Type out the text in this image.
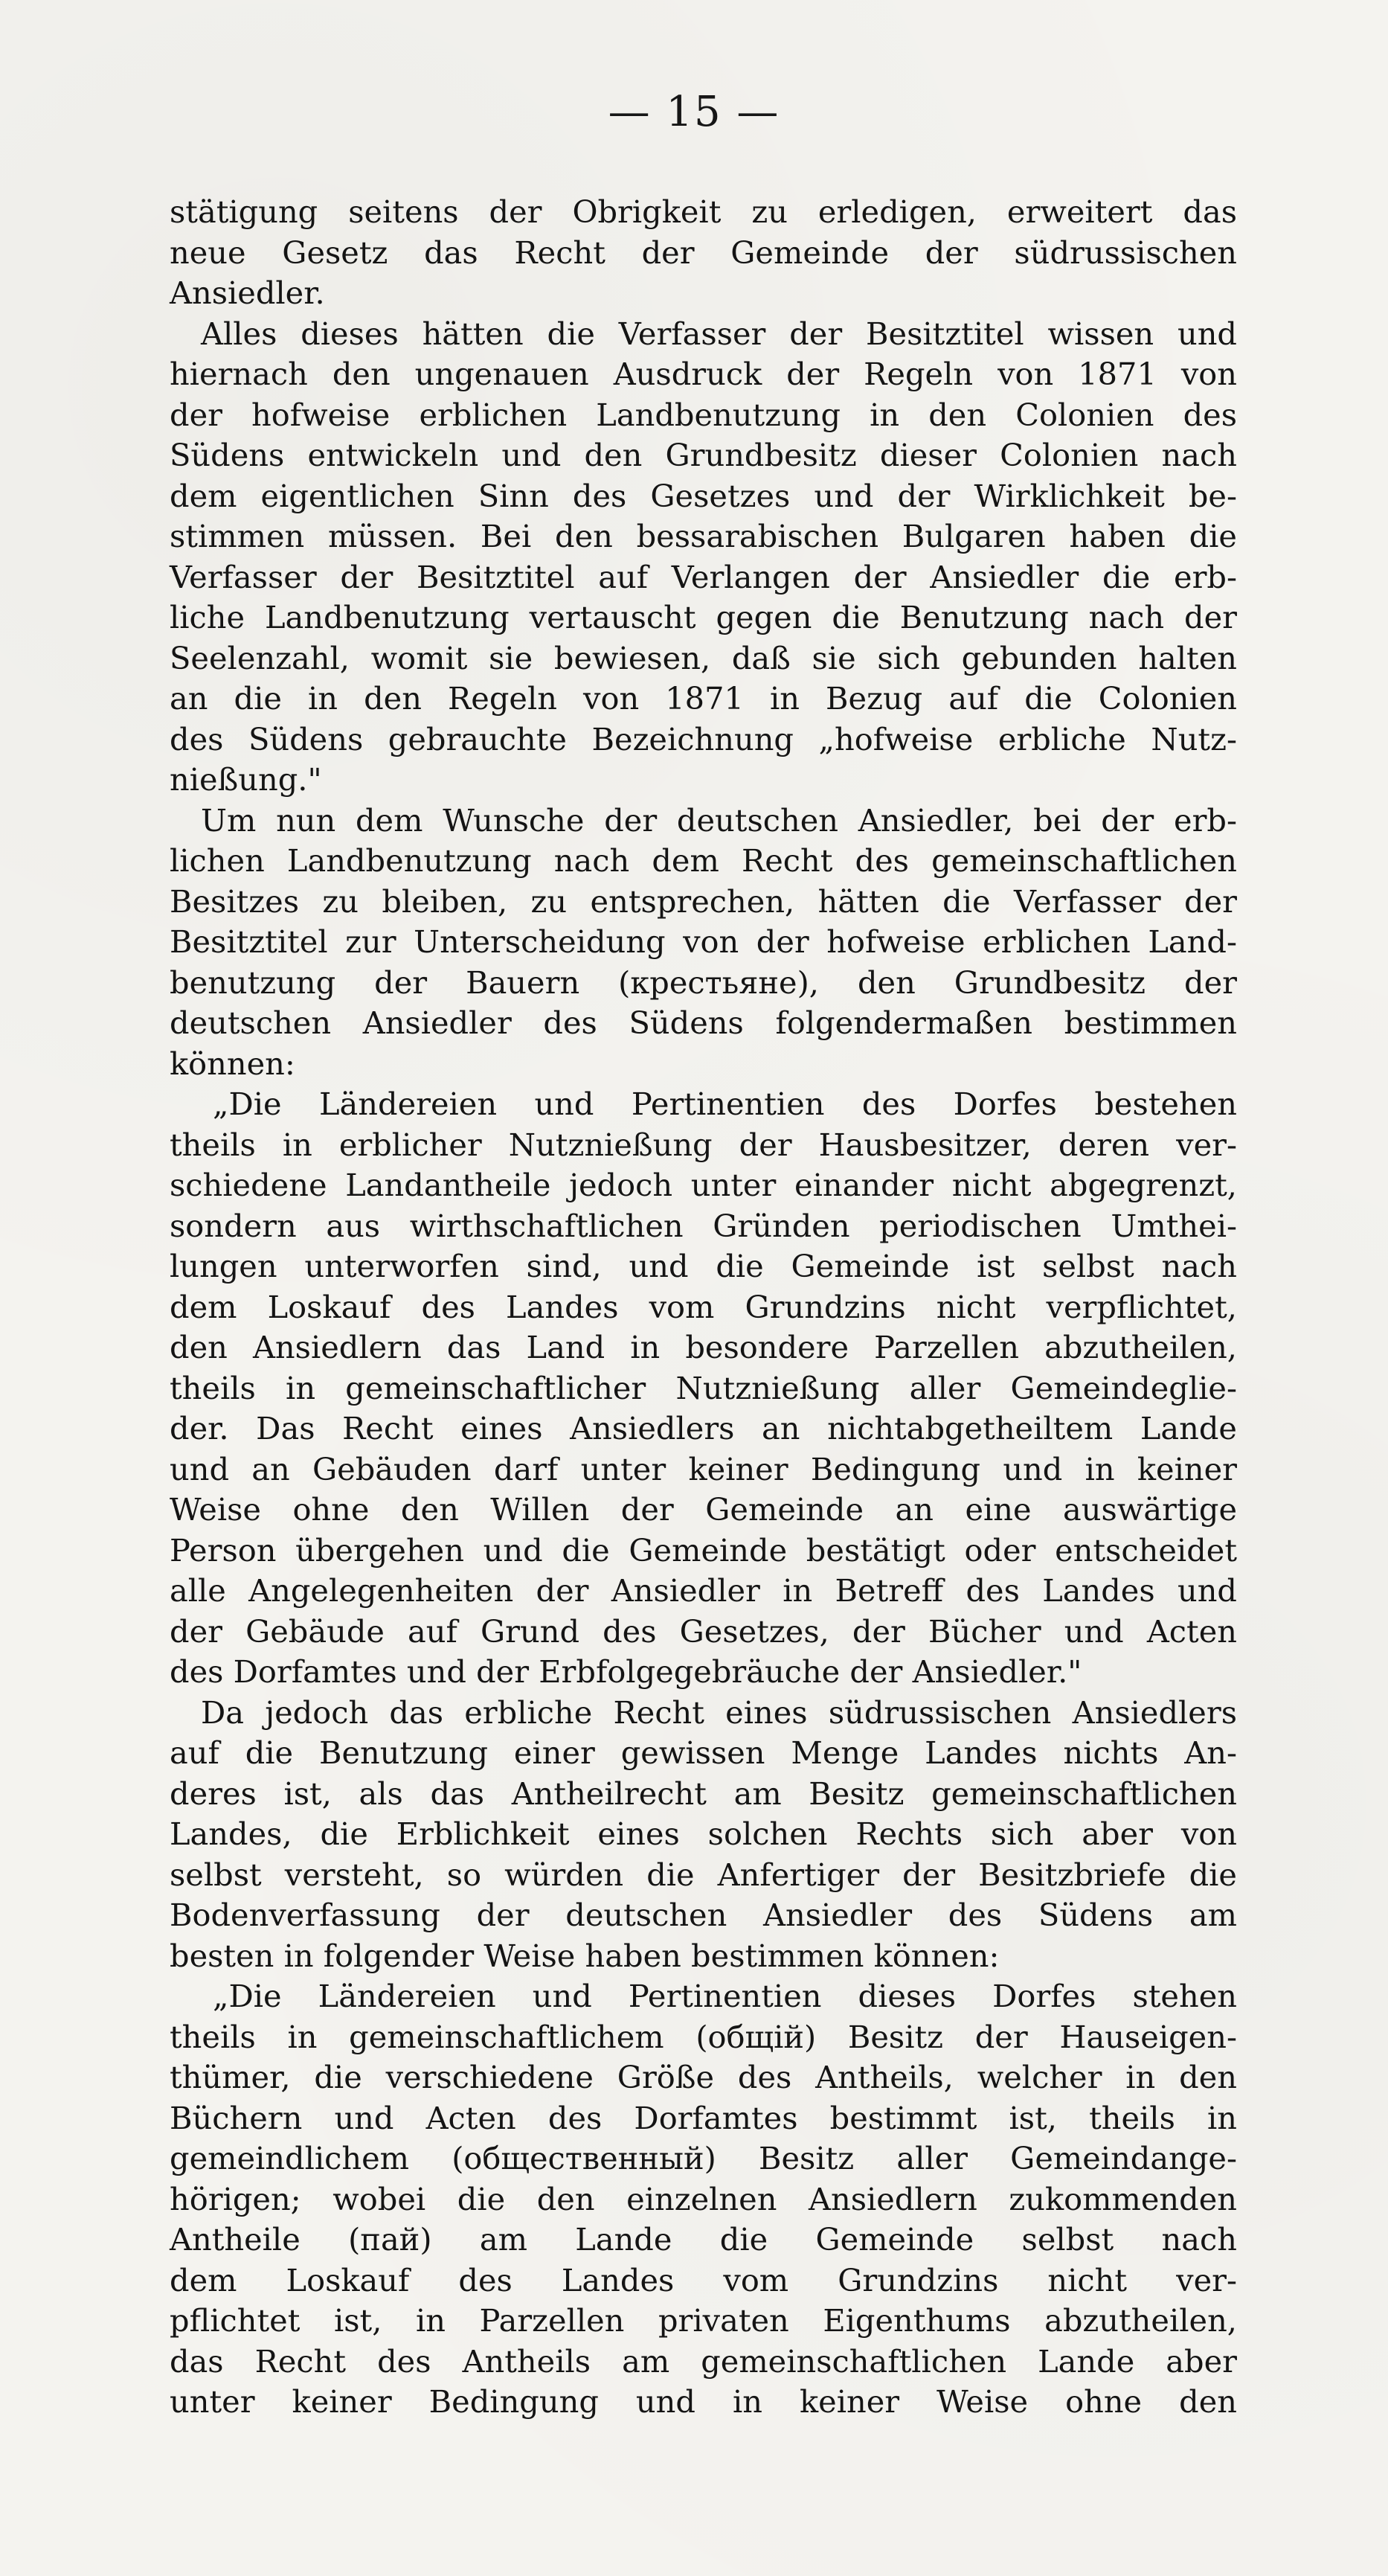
— 15 —
stätigung seitens der Obrigkeit zu erledigen, erweitert das
neue Gesetz das Recht der Gemeinde der südrussischen
Ansiedler.
Alles dieses hätten die Verfasser der Besitztitel wissen und
hiernach den ungenauen Ausdruck der Regeln von 1871 von
der hofweise erblichen Landbenutzung in den Colonien des
Südens entwickeln und den Grundbesitz dieser Colonien nach
dem eigentlichen Sinn des Gesetzes und der Wirklichkeit be-
stimmen müssen. Bei den bessarabischen Bulgaren haben die
Verfasser der Besitztitel auf Verlangen der Ansiedler die erb-
liche Landbenutzung vertauscht gegen die Benutzung nach der
Seelenzahl, womit sie bewiesen, daß sie sich gebunden halten
an die in den Regeln von 1871 in Bezug auf die Colonien
des Südens gebrauchte Bezeichnung „hofweise erbliche Nutz-
nießung."
Um nun dem Wunsche der deutschen Ansiedler, bei der erb-
lichen Landbenutzung nach dem Recht des gemeinschaftlichen
Besitzes zu bleiben, zu entsprechen, hätten die Verfasser der
Besitztitel zur Unterscheidung von der hofweise erblichen Land-
benutzung der Bauern (крестьяне), den Grundbesitz der
deutschen Ansiedler des Südens folgendermaßen bestimmen
können:
„Die Ländereien und Pertinentien des Dorfes bestehen
theils in erblicher Nutznießung der Hausbesitzer, deren ver-
schiedene Landantheile jedoch unter einander nicht abgegrenzt,
sondern aus wirthschaftlichen Gründen periodischen Umthei-
lungen unterworfen sind, und die Gemeinde ist selbst nach
dem Loskauf des Landes vom Grundzins nicht verpflichtet,
den Ansiedlern das Land in besondere Parzellen abzutheilen,
theils in gemeinschaftlicher Nutznießung aller Gemeindeglie-
der. Das Recht eines Ansiedlers an nichtabgetheiltem Lande
und an Gebäuden darf unter keiner Bedingung und in keiner
Weise ohne den Willen der Gemeinde an eine auswärtige
Person übergehen und die Gemeinde bestätigt oder entscheidet
alle Angelegenheiten der Ansiedler in Betreff des Landes und
der Gebäude auf Grund des Gesetzes, der Bücher und Acten
des Dorfamtes und der Erbfolgegebräuche der Ansiedler."
Da jedoch das erbliche Recht eines südrussischen Ansiedlers
auf die Benutzung einer gewissen Menge Landes nichts An-
deres ist, als das Antheilrecht am Besitz gemeinschaftlichen
Landes, die Erblichkeit eines solchen Rechts sich aber von
selbst versteht, so würden die Anfertiger der Besitzbriefe die
Bodenverfassung der deutschen Ansiedler des Südens am
besten in folgender Weise haben bestimmen können:
„Die Ländereien und Pertinentien dieses Dorfes stehen
theils in gemeinschaftlichem (общій) Besitz der Hauseigen-
thümer, die verschiedene Größe des Antheils, welcher in den
Büchern und Acten des Dorfamtes bestimmt ist, theils in
gemeindlichem (общественный) Besitz aller Gemeindange-
hörigen; wobei die den einzelnen Ansiedlern zukommenden
Antheile (пай) am Lande die Gemeinde selbst nach
dem Loskauf des Landes vom Grundzins nicht ver-
pflichtet ist, in Parzellen privaten Eigenthums abzutheilen,
das Recht des Antheils am gemeinschaftlichen Lande aber
unter keiner Bedingung und in keiner Weise ohne den
